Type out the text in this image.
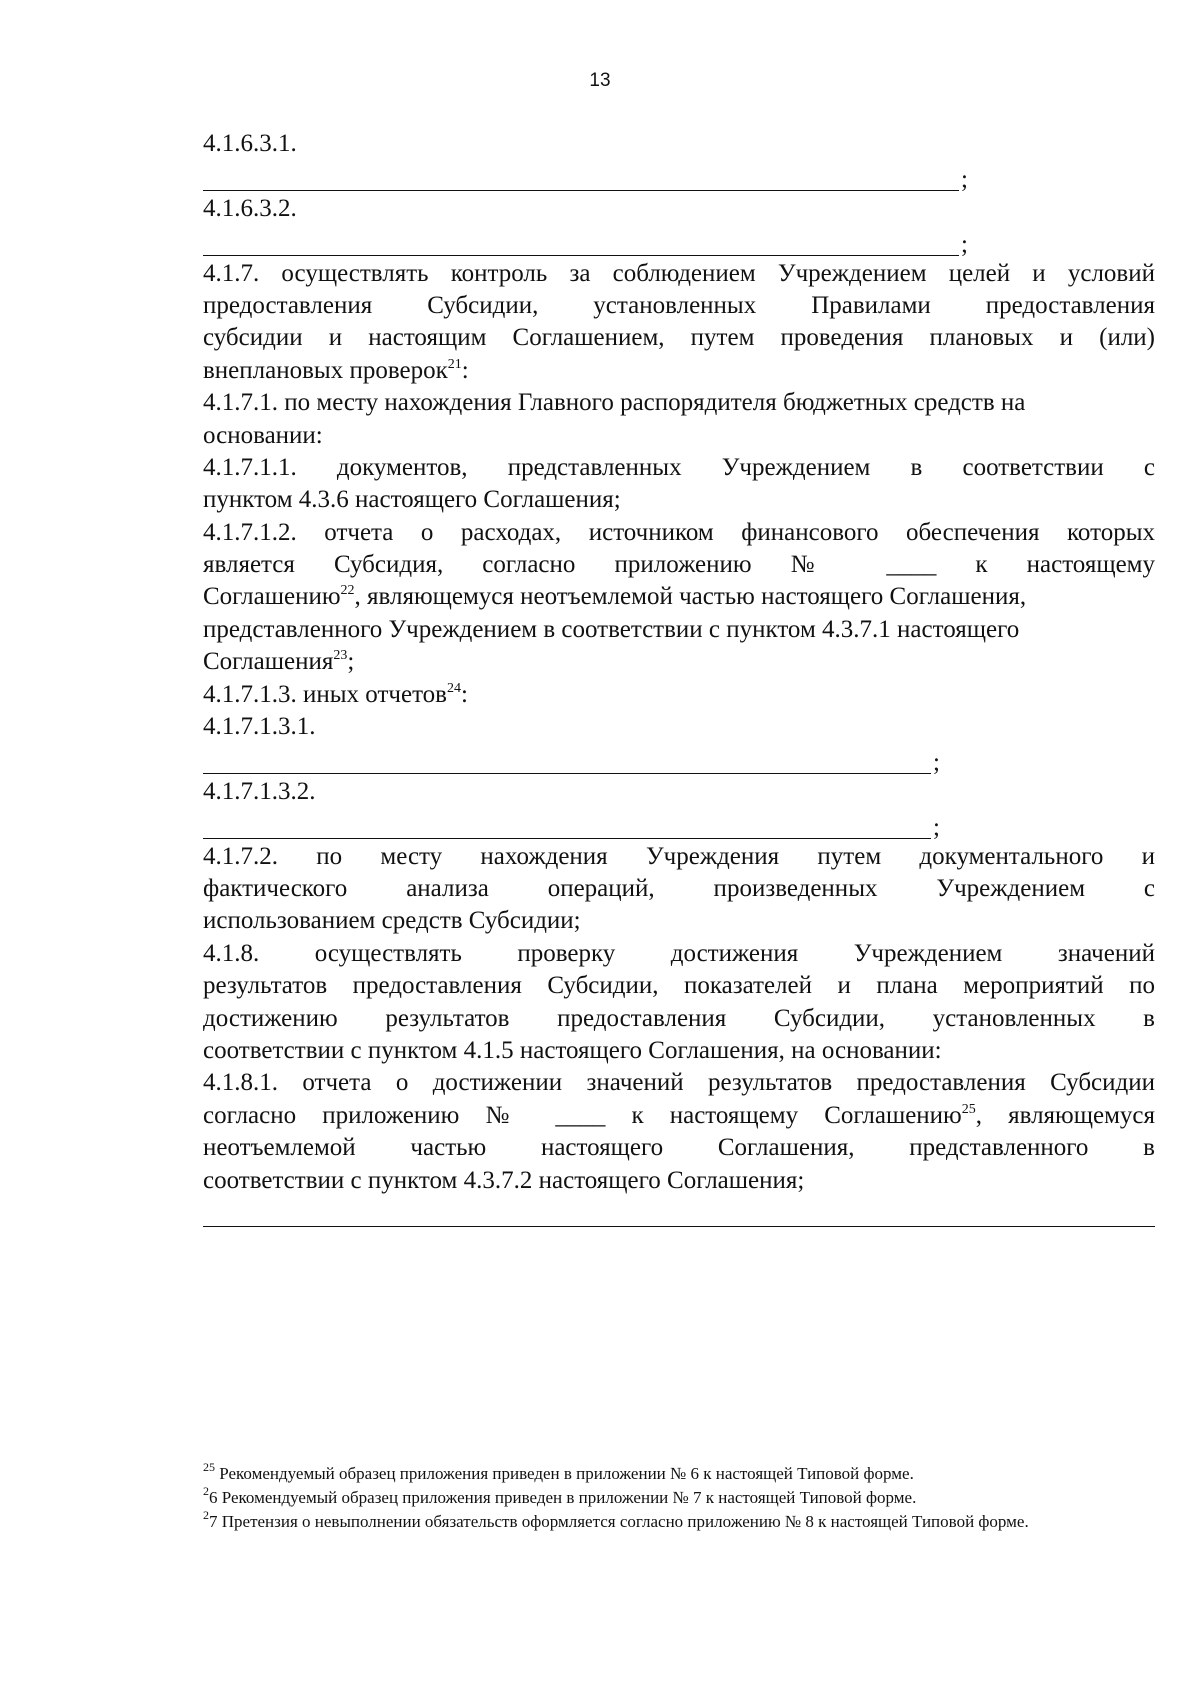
13
4.1.6.3.1.
;
4.1.6.3.2.
;
4.1.7. осуществлять контроль за соблюдением Учреждением целей и условий
предоставления Субсидии, установленных Правилами предоставления
субсидии и настоящим Соглашением, путем проведения плановых и (или)
внеплановых проверок$^{21}$:
4.1.7.1. по месту нахождения Главного распорядителя бюджетных средств на
основании:
4.1.7.1.1. документов, представленных Учреждением в соответствии с
пунктом 4.3.6 настоящего Соглашения;
4.1.7.1.2. отчета о расходах, источником финансового обеспечения которых
является Субсидия, согласно приложению № ____ к настоящему
Соглашению$^{22}$, являющемуся неотъемлемой частью настоящего Соглашения,
представленного Учреждением в соответствии с пунктом 4.3.7.1 настоящего
Соглашения$^{23}$;
4.1.7.1.3. иных отчетов$^{24}$:
4.1.7.1.3.1.
;
4.1.7.1.3.2.
;
4.1.7.2. по месту нахождения Учреждения путем документального и
фактического анализа операций, произведенных Учреждением с
использованием средств Субсидии;
4.1.8. осуществлять проверку достижения Учреждением значений
результатов предоставления Субсидии, показателей и плана мероприятий по
достижению результатов предоставления Субсидии, установленных в
соответствии с пунктом 4.1.5 настоящего Соглашения, на основании:
4.1.8.1. отчета о достижении значений результатов предоставления Субсидии
согласно приложению № ____ к настоящему Соглашению$^{25}$, являющемуся
неотъемлемой частью настоящего Соглашения, представленного в
соответствии с пунктом 4.3.7.2 настоящего Соглашения;
$^{25}$ Рекомендуемый образец приложения приведен в приложении № 6 к настоящей Типовой форме.
$^2$6 Рекомендуемый образец приложения приведен в приложении № 7 к настоящей Типовой форме.
$^2$7 Претензия о невыполнении обязательств оформляется согласно приложению № 8 к настоящей Типовой форме.
